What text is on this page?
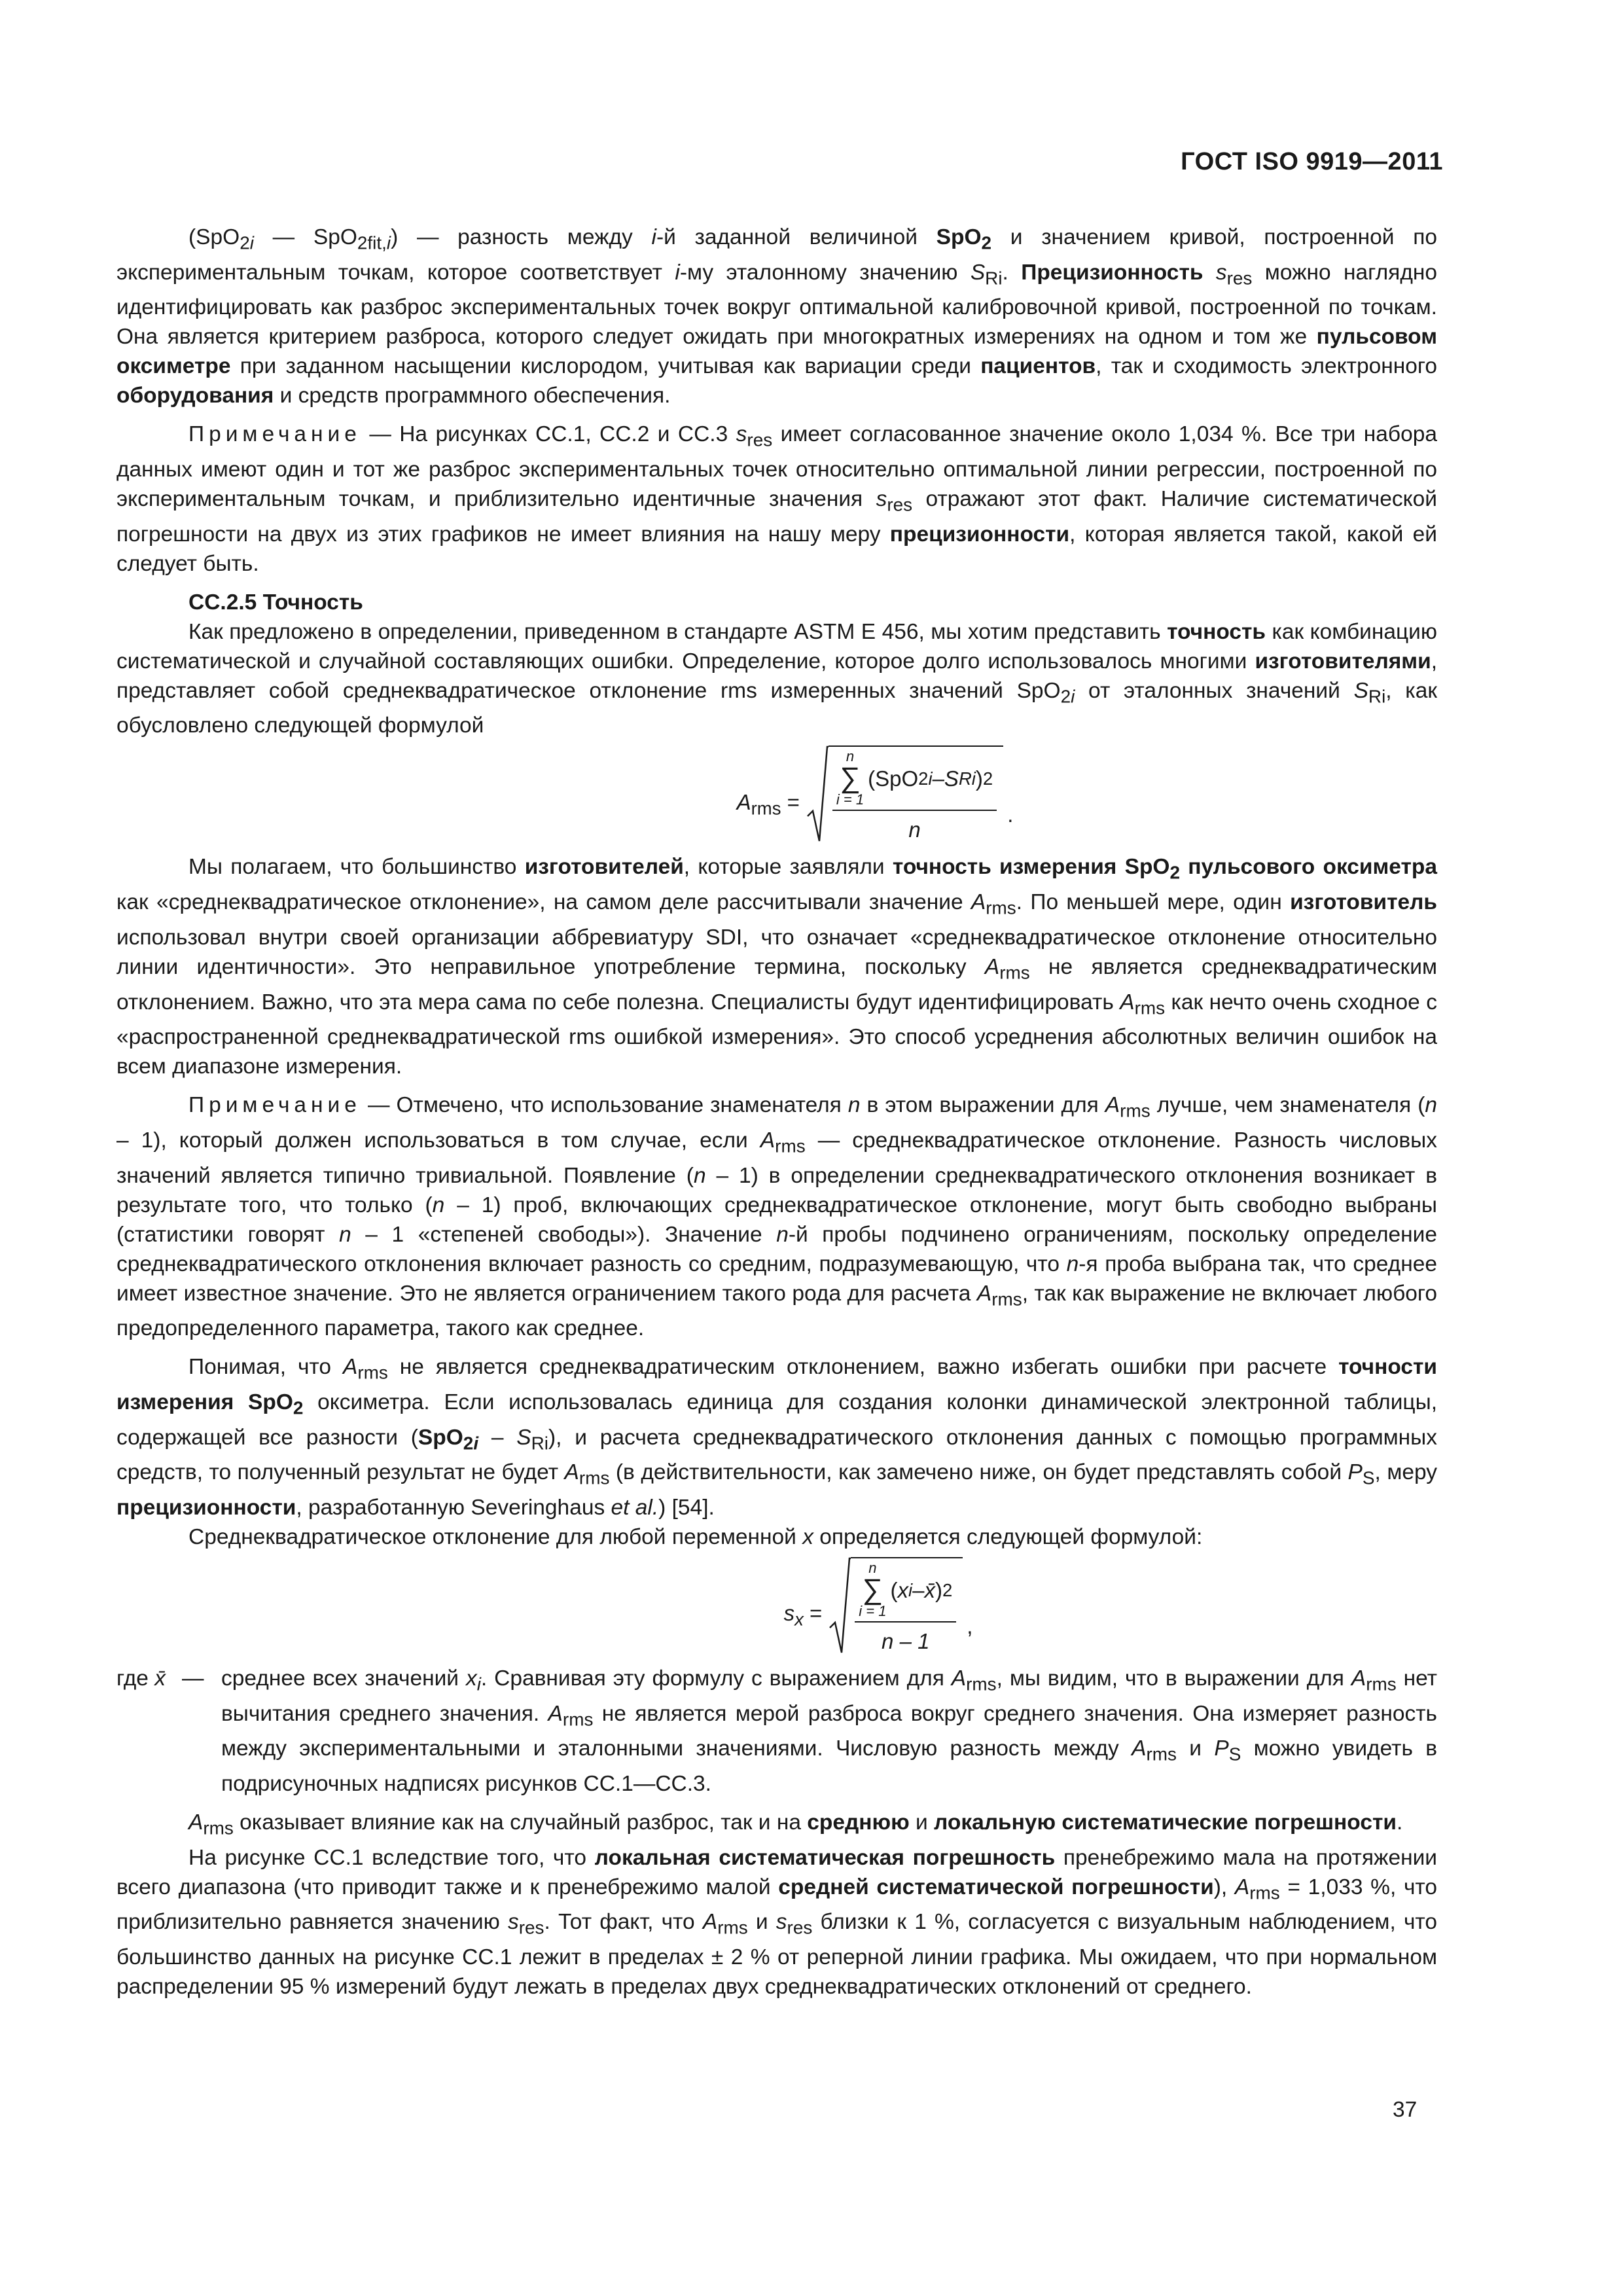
ГОСТ ISO 9919—2011

(SpO$_{2i}$ — SpO$_{2fit,i}$) — разность между i-й заданной величиной SpO$_2$ и значением кривой, построенной по экспериментальным точкам, которое соответствует i-му эталонному значению $S_{Ri}$. Прецизионность $s_{res}$ можно наглядно идентифицировать как разброс экспериментальных точек вокруг оптимальной калибровочной кривой, построенной по точкам. Она является критерием разброса, которого следует ожидать при многократных измерениях на одном и том же пульсовом оксиметре при заданном насыщении кислородом, учитывая как вариации среди пациентов, так и сходимость электронного оборудования и средств программного обеспечения.

Примечание — На рисунках СС.1, СС.2 и СС.3 $s_{res}$ имеет согласованное значение около 1,034 %. Все три набора данных имеют один и тот же разброс экспериментальных точек относительно оптимальной линии регрессии, построенной по экспериментальным точкам, и приблизительно идентичные значения $s_{res}$ отражают этот факт. Наличие систематической погрешности на двух из этих графиков не имеет влияния на нашу меру прецизионности, которая является такой, какой ей следует быть.

СС.2.5 Точность

Как предложено в определении, приведенном в стандарте ASTM E 456, мы хотим представить точность как комбинацию систематической и случайной составляющих ошибки. Определение, которое долго использовалось многими изготовителями, представляет собой среднеквадратическое отклонение rms измеренных значений SpO$_{2i}$ от эталонных значений $S_{Ri}$, как обусловлено следующей формулой

$A_{rms}$ =
n
∑
i = 1
(SpO 2 i – S Ri ) 2
n
.

Мы полагаем, что большинство изготовителей, которые заявляли точность измерения SpO$_2$ пульсового оксиметра как «среднеквадратическое отклонение», на самом деле рассчитывали значение $A_{rms}$. По меньшей мере, один изготовитель использовал внутри своей организации аббревиатуру SDI, что означает «среднеквадратическое отклонение относительно линии идентичности». Это неправильное употребление термина, поскольку $A_{rms}$ не является среднеквадратическим отклонением. Важно, что эта мера сама по себе полезна. Специалисты будут идентифицировать $A_{rms}$ как нечто очень сходное с «распространенной среднеквадратической rms ошибкой измерения». Это способ усреднения абсолютных величин ошибок на всем диапазоне измерения.

Примечание — Отмечено, что использование знаменателя n в этом выражении для $A_{rms}$ лучше, чем знаменателя (n – 1), который должен использоваться в том случае, если $A_{rms}$ — среднеквадратическое отклонение. Разность числовых значений является типично тривиальной. Появление (n – 1) в определении среднеквадратического отклонения возникает в результате того, что только (n – 1) проб, включающих среднеквадратическое отклонение, могут быть свободно выбраны (статистики говорят n – 1 «степеней свободы»). Значение n-й пробы подчинено ограничениям, поскольку определение среднеквадратического отклонения включает разность со средним, подразумевающую, что n-я проба выбрана так, что среднее имеет известное значение. Это не является ограничением такого рода для расчета $A_{rms}$, так как выражение не включает любого предопределенного параметра, такого как среднее.

Понимая, что $A_{rms}$ не является среднеквадратическим отклонением, важно избегать ошибки при расчете точности измерения SpO$_2$ оксиметра. Если использовалась единица для создания колонки динамической электронной таблицы, содержащей все разности $(SpO_{2i} - S_{Ri})$, и расчета среднеквадратического отклонения данных с помощью программных средств, то полученный результат не будет $A_{rms}$ (в действительности, как замечено ниже, он будет представлять собой $P_S$, меру прецизионности, разработанную Severinghaus et al.) [54].

Среднеквадратическое отклонение для любой переменной x определяется следующей формулой:

$s_x$ =
n
∑
i = 1
( x i – x̄ ) 2
n – 1
,
где x̄ — среднее всех значений $x_i$. Сравнивая эту формулу с выражением для $A_{rms}$, мы видим, что в выражении для $A_{rms}$ нет вычитания среднего значения. $A_{rms}$ не является мерой разброса вокруг среднего значения. Она измеряет разность между экспериментальными и эталонными значениями. Числовую разность между $A_{rms}$ и $P_S$ можно увидеть в подрисуночных надписях рисунков СС.1—СС.3.

$A_{rms}$ оказывает влияние как на случайный разброс, так и на среднюю и локальную систематические погрешности.

На рисунке СС.1 вследствие того, что локальная систематическая погрешность пренебрежимо мала на протяжении всего диапазона (что приводит также и к пренебрежимо малой средней систематической погрешности), $A_{rms} = 1,033$ %, что приблизительно равняется значению $s_{res}$. Тот факт, что $A_{rms}$ и $s_{res}$ близки к 1 %, согласуется с визуальным наблюдением, что большинство данных на рисунке СС.1 лежит в пределах ± 2 % от реперной линии графика. Мы ожидаем, что при нормальном распределении 95 % измерений будут лежать в пределах двух среднеквадратических отклонений от среднего.

37
